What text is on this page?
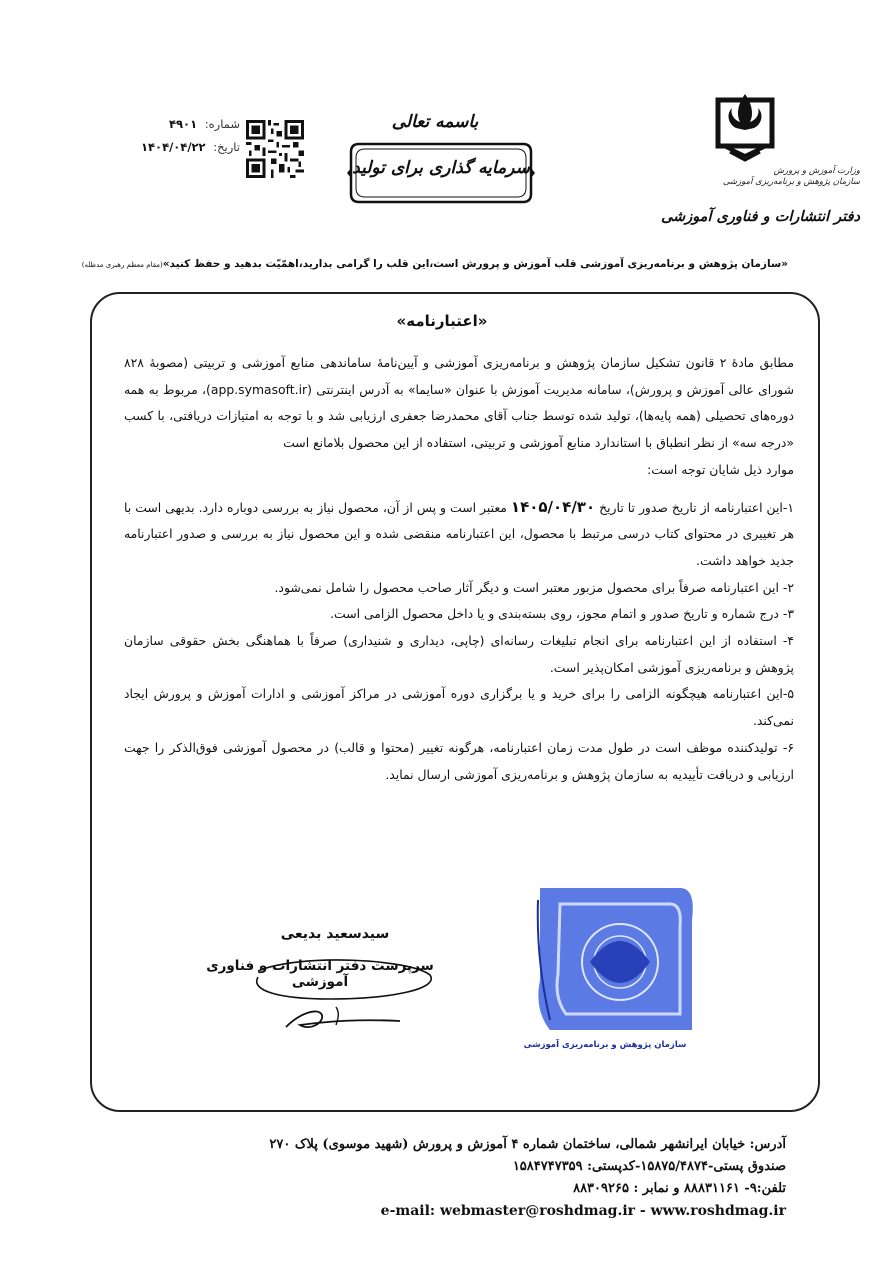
وزارت آموزش و پرورش
سازمان پژوهش و برنامه‌ریزی آموزشی
دفتر انتشارات و فناوری آموزشی
باسمه تعالی
سرمایه گذاری برای تولید
شماره: ۴۹۰۱
تاریخ: ۱۴۰۴/۰۴/۲۲
«سازمان پژوهش و برنامه‌ریزی آموزشی قلب آموزش و پرورش است،این قلب را گرامی بدارید،اهمّیّت بدهید و حفظ کنید»(مقام معظم رهبری مدظله)
«اعتبارنامه»

مطابق مادۀ ۲ قانون تشکیل سازمان پژوهش و برنامه‌ریزی آموزشی و آیین‌نامۀ ساماندهی منابع آموزشی و تربیتی (مصوبۀ ۸۲۸ شورای عالی آموزش و پرورش)، سامانه مدیریت آموزش با عنوان «سایما» به آدرس اینترنتی (app.symasoft.ir)، مربوط به همه دوره‌های تحصیلی (همه پایه‌ها)، تولید شده توسط جناب آقای محمدرضا جعفری ارزیابی شد و با توجه به امتیازات دریافتی، با کسب «درجه سه» از نظر انطباق با استاندارد منابع آموزشی و تربیتی، استفاده از این محصول بلامانع است

موارد ذیل شایان توجه است:

۱-این اعتبارنامه از تاریخ صدور تا تاریخ ۱۴۰۵/۰۴/۳۰ معتبر است و پس از آن، محصول نیاز به بررسی دوباره دارد. بدیهی است با هر تغییری در محتوای کتاب درسی مرتبط با محصول، این اعتبارنامه منقضی شده و این محصول نیاز به بررسی و صدور اعتبارنامه جدید خواهد داشت.

۲- این اعتبارنامه صرفاً برای محصول مزبور معتبر است و دیگر آثار صاحب محصول را شامل نمی‌شود.

۳- درج شماره و تاریخ صدور و اتمام مجوز، روی بسته‌بندی و یا داخل محصول الزامی است.

۴- استفاده از این اعتبارنامه برای انجام تبلیغات رسانه‌ای (چاپی، دیداری و شنیداری) صرفاً با هماهنگی بخش حقوقی سازمان پژوهش و برنامه‌ریزی آموزشی امکان‌پذیر است.

۵-این اعتبارنامه هیچگونه الزامی را برای خرید و یا برگزاری دوره آموزشی در مراکز آموزشی و ادارات آموزش و پرورش ایجاد نمی‌کند.

۶- تولیدکننده موظف است در طول مدت زمان اعتبارنامه، هرگونه تغییر (محتوا و قالب) در محصول آموزشی فوق‌الذکر را جهت ارزیابی و دریافت تأییدیه به سازمان پژوهش و برنامه‌ریزی آموزشی ارسال نماید.

سیدسعید بدیعی
سرپرست دفتر انتشارات و فناوری آموزشی
سازمان پژوهش و برنامه‌ریزی آموزشی
آدرس: خیابان ایرانشهر شمالی، ساختمان شماره ۴ آموزش و پرورش (شهید موسوی) پلاک ۲۷۰
صندوق پستی-۱۵۸۷۵/۴۸۷۴-کدپستی: ۱۵۸۴۷۴۷۳۵۹
تلفن:۹- ۸۸۸۳۱۱۶۱ و نمابر : ۸۸۳۰۹۲۶۵
e-mail: webmaster@roshdmag.ir - www.roshdmag.ir
